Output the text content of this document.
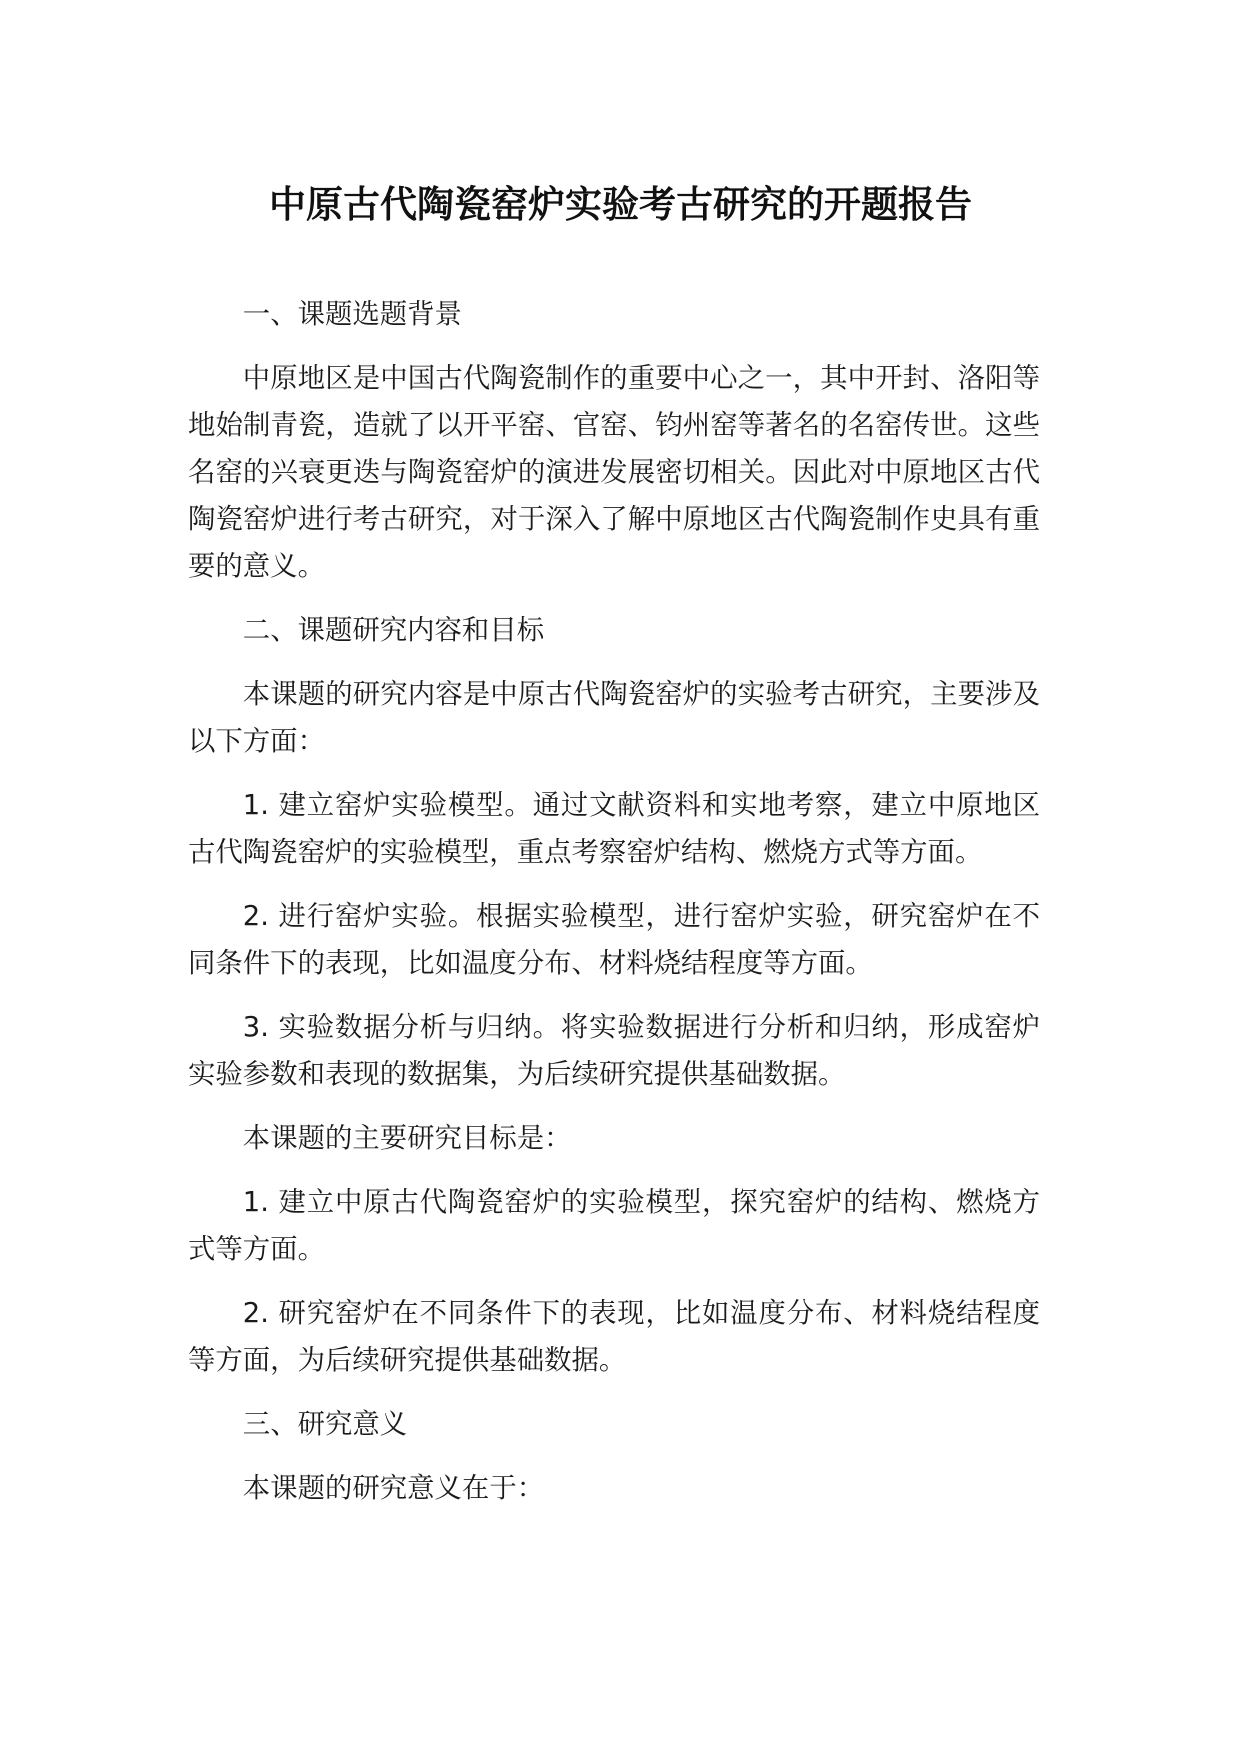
中原古代陶瓷窑炉实验考古研究的开题报告

一、课题选题背景

中原地区是中国古代陶瓷制作的重要中心之一，其中开封、洛阳等地始制青瓷，造就了以开平窑、官窑、钧州窑等著名的名窑传世。这些名窑的兴衰更迭与陶瓷窑炉的演进发展密切相关。因此对中原地区古代陶瓷窑炉进行考古研究，对于深入了解中原地区古代陶瓷制作史具有重要的意义。

二、课题研究内容和目标

本课题的研究内容是中原古代陶瓷窑炉的实验考古研究，主要涉及以下方面：

1. 建立窑炉实验模型。通过文献资料和实地考察，建立中原地区古代陶瓷窑炉的实验模型，重点考察窑炉结构、燃烧方式等方面。

2. 进行窑炉实验。根据实验模型，进行窑炉实验，研究窑炉在不同条件下的表现，比如温度分布、材料烧结程度等方面。

3. 实验数据分析与归纳。将实验数据进行分析和归纳，形成窑炉实验参数和表现的数据集，为后续研究提供基础数据。

本课题的主要研究目标是：

1. 建立中原古代陶瓷窑炉的实验模型，探究窑炉的结构、燃烧方式等方面。

2. 研究窑炉在不同条件下的表现，比如温度分布、材料烧结程度等方面，为后续研究提供基础数据。

三、研究意义

本课题的研究意义在于：
